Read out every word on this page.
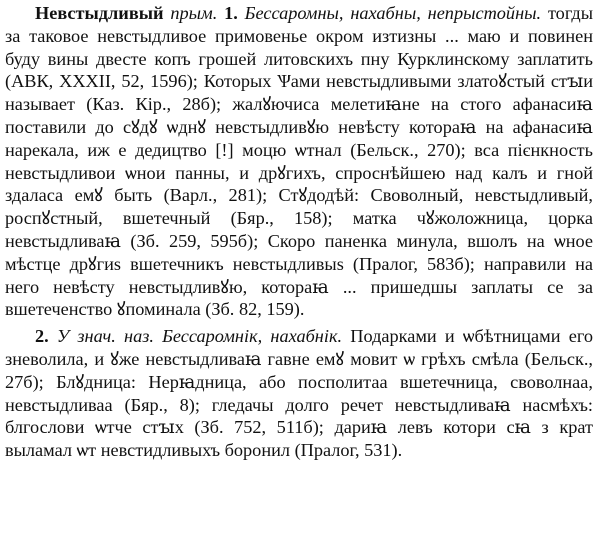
Невстыдливый прым. 1. Бессаромны, нахабны, непрыстойны. тогды за таковое невстыдливое примовенье окром изтизны ... маю и повинен буду вины двесте копъ грошей литовскихъ пну Курклинскому заплатить (АВК, XXXII, 52, 1596); Которых Ѱами невстыдливыми златоꙋстый стꙑи называет (Каз. Кір., 28б); жалꙋючиса мелетиꙗне на стого афанасиꙗ поставили до сꙋдꙋ ѡднꙋ невстыдливꙋю невѣсту котораꙗ на афанасиꙗ нарекала, иж е дедицтво [!] моцю ѡтнал (Бельск., 270); вса пієнкность невстыдливои ѡнои панны, и дрꙋгихъ, спроснѣйшею над калъ и гной здаласа емꙋ быть (Варл., 281); Стꙋдодѣй: Своволный, невстыдливый, роспꙋстный, вшетечный (Бяр., 158); матка чꙋжоложница, цорка невстыдливаꙗ (Зб. 259, 595б); Скоро паненка минула, вшолъ на ѡное мѣстце дрꙋгиs вшетечникъ невстыдливыs (Пралог, 583б); направили на него невѣсту невстыдливꙋю, котораꙗ ... пришедшы заплаты се за вшетеченство ꙋпоминала (Зб. 82, 159).

2. У знач. наз. Бессаромнік, нахабнік. Подарками и ѡбѣтницами его зневолила, и ꙋже невстыдливаꙗ гавне емꙋ мовит ѡ грѣхъ смѣла (Бельск., 27б); Блꙋдница: Нерꙗдница, або посполитаа вшетечница, своволнаа, невстыдливаа (Бяр., 8); гледачы долго речет невстыдливаꙗ насмѣхъ: блгослови ѡтче стꙑх (Зб. 752, 511б); дариꙗ левъ котори сꙗ з крат выламал ѡт невстидливыхъ боронил (Пралог, 531).
